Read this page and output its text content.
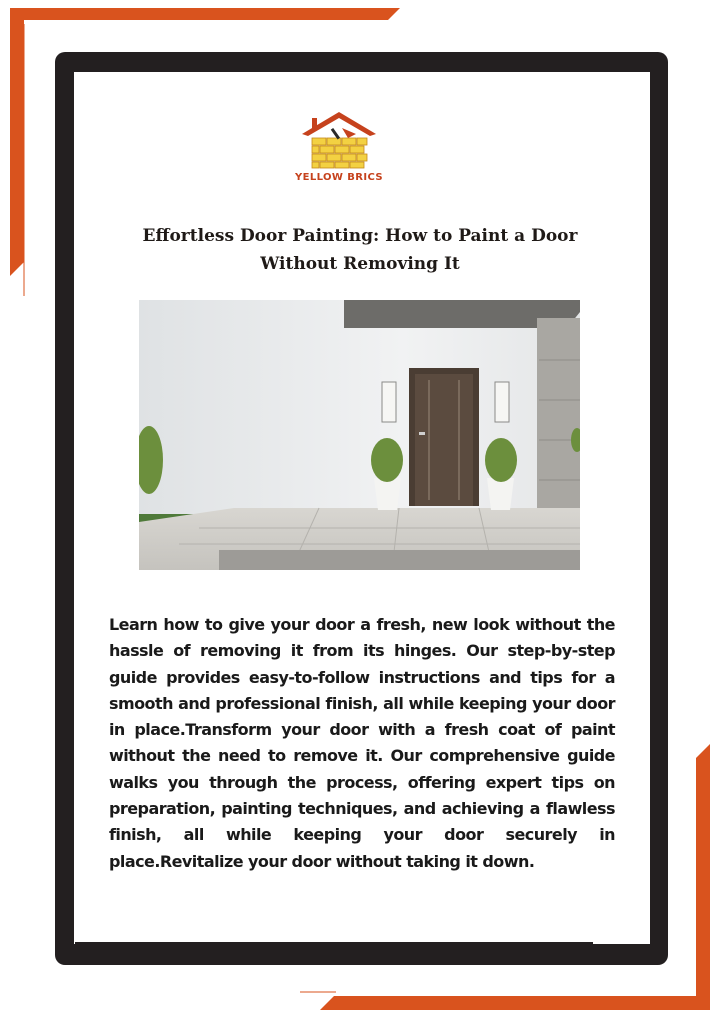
YELLOW BRICS
Effortless Door Painting: How to Paint a Door
Without Removing It
Learn how to give your door a fresh, new look without the hassle of removing it from its hinges. Our step-by-step guide provides easy-to-follow instructions and tips for a smooth and professional finish, all while keeping your door in place.Transform your door with a fresh coat of paint without the need to remove it. Our comprehensive guide walks you through the process, offering expert tips on preparation, painting techniques, and achieving a flawless finish, all while keeping your door securely in place.Revitalize your door without taking it down.
